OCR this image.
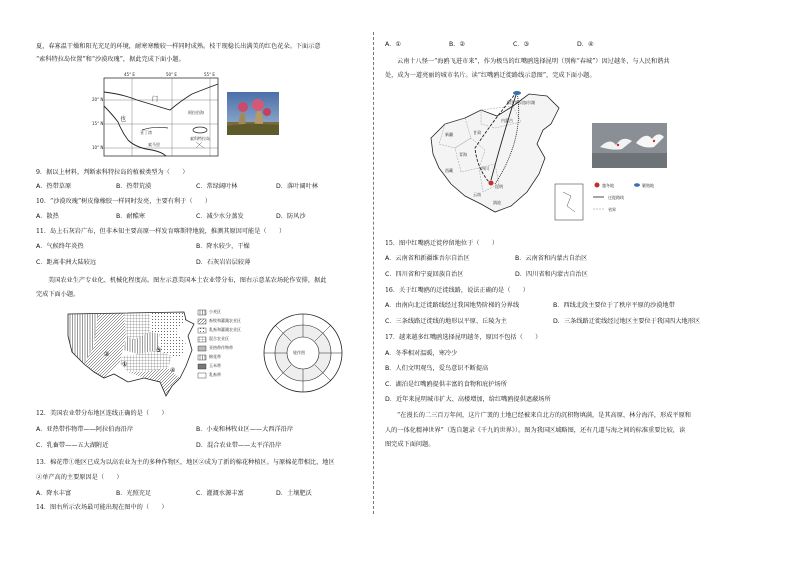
夏，春寡温干燥和阳光充足的环境，耐寒寒酸较一样同时成熟。枝干现稳长出满美的红色花朵。下面示意
“索科特拉岛位置”和“沙漠玫瑰”，据此完成下面小题。
45° E	50° E	55° E
20° N
15° N
10° N
门
也
亚丁湾
索马里
阿拉伯海
索科特拉岛
9．据以上材料，判断索科特拉岛的植被类型为（　　）
A．热带草原	B．热带荒漠	C．常绿阔叶林	D．落叶阔叶林
10．“沙漠玫瑰”树皮像橡胶一样同时发亮，主要有利于（　　）
A．散热	B．耐酷寒	C．减少水分蒸发	D．防风沙
11．岛上石灰岩广布，但非本知主要高原一样发育喀斯特地貌，推测其原因可能是（　　）
A．气候终年炎热	B．降水较少，干燥
C．距离非洲大陆较远	D．石灰岩岩层较薄
美国农业生产专业化、机械化程度高。图左示意美国本土农业带分布，图右示意某农场轮作安排，据此
完成下面小题。
①
②
③
④
小麦区
畜牧和灌溉农业区
乳畜和灌溉农业区
混合农业区
亚热带作物带
棉花带
玉米带
乳畜带
轮作图
12．美国农业带分布地区连线正确的是（　　）
A．亚热带作物带——阿拉伯海沿岸	B．小麦和林牧业区——大西洋沿岸
C．乳畜带——五大湖附近	D．混合农业带——太平洋沿岸
13．棉花带①地区已成为以高农业为主的多种作物区，地区②成为了新的棉花种植区。与原棉花带相比，地区
②单产高的主要原因是（　　）
A．降水丰富	B．光照充足	C．灌溉水源丰富	D．土壤肥沃
14．图右所示农场最可能出现在图中的（　　）
A．①	B．②	C．③	D．④
云南十八怪一“海鸥飞进市来”，作为极鸟的红嘴鸥选择昆明（别称“春城”）因过越冬，与人民和谐共
处，成为一道亮丽的城市名片。读“红嘴鸥迁徙路线示意图”，完成下面小题。
俄罗斯贝加尔湖
内蒙古
新疆	甘肃
青海
西藏	四川
云南
昆明
滇池
越冬地	繁殖地
迁徙路线
省界
15．图中红嘴鸥迁徙停留地位于（　　）
A．云南省和新疆维吾尔自治区	B．云南省和内蒙古自治区
C．四川省和宁夏回族自治区	D．四川省和内蒙古自治区
16．关于红嘴鸥的迁徙线路，说法正确的是（　　）
A．由南向北迁徙路线经过我国地势阶梯的分界线	B．西线北段主要位于了秩序平原的沙漠地带
C．三条线路迁徙线的地形以平原、丘陵为主	D．三条线路迁徙线经过地区主要位于我国四大地形区
17．越来越多红嘴鸥选择昆明越冬，原因不包括（　　）
A．冬季相对温暖，寒冷少
B．人们文明观鸟，爱鸟意识不断提高
C．湖泊是红嘴鸥提供丰富的食物和庇护场所
D．近年来昆明城市扩大、高楼增加，给红嘴鸥提供遮蔽场所
“在漫长的二三百万年间，这片广袤的土地已经被来自北方的沉积物填满，是其高原、林分海洋，形成平原和
人的一体化精神世界”（选自题录《千九的世界》）。图为我国区域略图，还有几道与海之间的标准重要比较，读
图完成下面问题。
